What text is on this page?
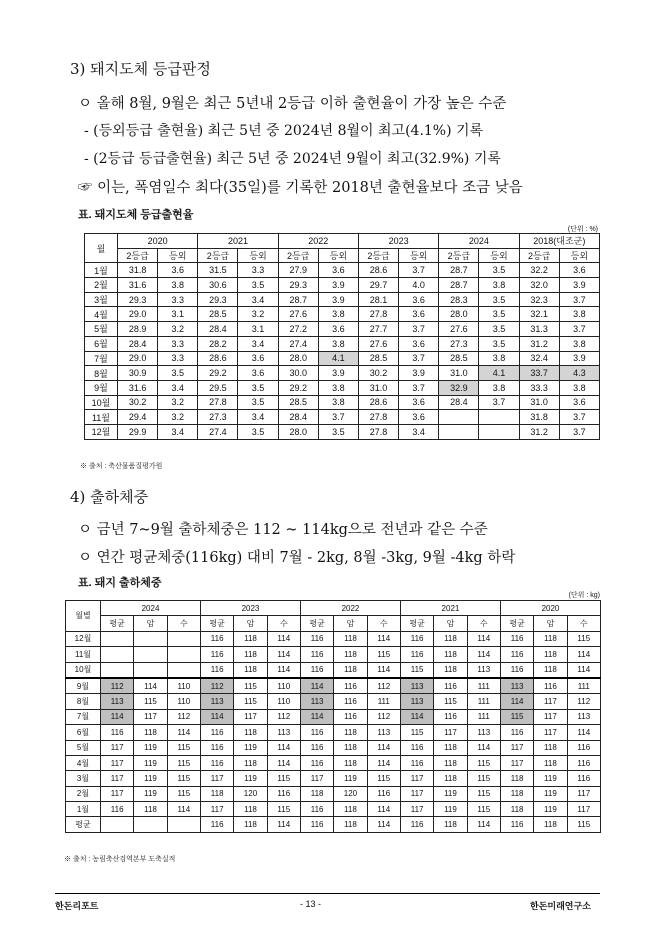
3) 돼지도체 등급판정
ㅇ 올해 8월, 9월은 최근 5년내 2등급 이하 출현율이 가장 높은 수준
- (등외등급 출현율) 최근 5년 중 2024년 8월이 최고(4.1%) 기록
- (2등급 등급출현율) 최근 5년 중 2024년 9월이 최고(32.9%) 기록
☞ 이는, 폭염일수 최다(35일)를 기록한 2018년 출현율보다 조금 낮음
표. 돼지도체 등급출현율
(단위 : %)
월	2020		2021		2022		2023		2024		2018(대조군)	
	2등급	등외	2등급	등외	2등급	등외	2등급	등외	2등급	등외	2등급	등외
1월	31.8	3.6	31.5	3.3	27.9	3.6	28.6	3.7	28.7	3.5	32.2	3.6
2월	31.6	3.8	30.6	3.5	29.3	3.9	29.7	4.0	28.7	3.8	32.0	3.9
3월	29.3	3.3	29.3	3.4	28.7	3.9	28.1	3.6	28.3	3.5	32.3	3.7
4월	29.0	3.1	28.5	3.2	27.6	3.8	27.8	3.6	28.0	3.5	32.1	3.8
5월	28.9	3.2	28.4	3.1	27.2	3.6	27.7	3.7	27.6	3.5	31.3	3.7
6월	28.4	3.3	28.2	3.4	27.4	3.8	27.6	3.6	27.3	3.5	31.2	3.8
7월	29.0	3.3	28.6	3.6	28.0	4.1	28.5	3.7	28.5	3.8	32.4	3.9
8월	30.9	3.5	29.2	3.6	30.0	3.9	30.2	3.9	31.0	4.1	33.7	4.3
9월	31.6	3.4	29.5	3.5	29.2	3.8	31.0	3.7	32.9	3.8	33.3	3.8
10월	30.2	3.2	27.8	3.5	28.5	3.8	28.6	3.6	28.4	3.7	31.0	3.6
11월	29.4	3.2	27.3	3.4	28.4	3.7	27.8	3.6			31.8	3.7
12월	29.9	3.4	27.4	3.5	28.0	3.5	27.8	3.4			31.2	3.7
※ 출처 : 축산물품질평가원
4) 출하체중
ㅇ 금년 7~9월 출하체중은 112 ~ 114kg으로 전년과 같은 수준
ㅇ 연간 평균체중(116kg) 대비 7월 - 2kg, 8월 -3kg, 9월 -4kg 하락
표. 돼지 출하체중
(단위 : kg)
월별	2024			2023			2022			2021			2020		
	평균	암	수	평균	암	수	평균	암	수	평균	암	수	평균	암	수
12월				116	118	114	116	118	114	116	118	114	116	118	115
11월				116	118	114	116	118	115	116	118	114	116	118	114
10월				116	118	114	116	118	114	115	118	113	116	118	114
9월	112	114	110	112	115	110	114	116	112	113	116	111	113	116	111
8월	113	115	110	113	115	110	113	116	111	113	115	111	114	117	112
7월	114	117	112	114	117	112	114	116	112	114	116	111	115	117	113
6월	116	118	114	116	118	113	116	118	113	115	117	113	116	117	114
5월	117	119	115	116	119	114	116	118	114	116	118	114	117	118	116
4월	117	119	115	116	118	114	116	118	114	116	118	115	117	118	116
3월	117	119	115	117	119	115	117	119	115	117	118	115	118	119	116
2월	117	119	115	118	120	116	118	120	116	117	119	115	118	119	117
1월	116	118	114	117	118	115	116	118	114	117	119	115	118	119	117
평균				116	118	114	116	118	114	116	118	114	116	118	115
※ 출처 : 농림축산검역본부 도축실적
한돈리포트	- 13 -	한돈미래연구소
